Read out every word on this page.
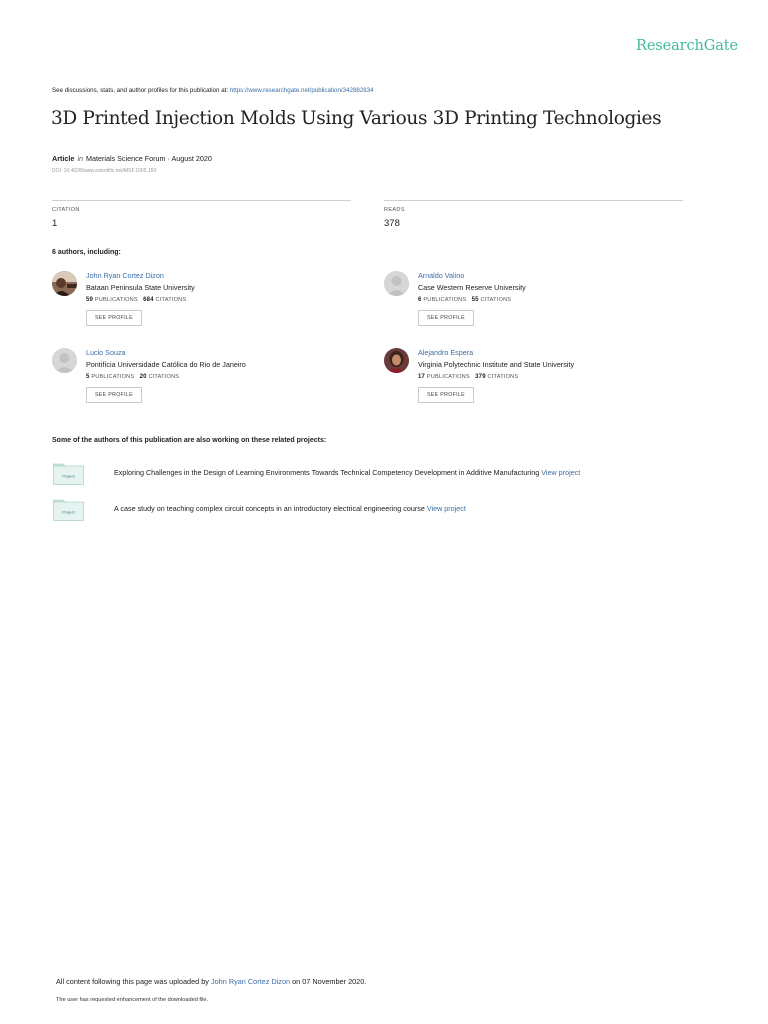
ResearchGate
See discussions, stats, and author profiles for this publication at: https://www.researchgate.net/publication/342882834
3D Printed Injection Molds Using Various 3D Printing Technologies
Article in Materials Science Forum · August 2020
DOI: 10.4028/www.scientific.net/MSF.1005.150
CITATION
1
READS
378
6 authors, including:
John Ryan Cortez Dizon
Bataan Peninsula State University
59 PUBLICATIONS 684 CITATIONS
SEE PROFILE
Arnaldo Valino
Case Western Reserve University
6 PUBLICATIONS 55 CITATIONS
SEE PROFILE
Lucio Souza
Pontifícia Universidade Católica do Rio de Janeiro
5 PUBLICATIONS 20 CITATIONS
SEE PROFILE
Alejandro Espera
Virginia Polytechnic Institute and State University
17 PUBLICATIONS 379 CITATIONS
SEE PROFILE
Some of the authors of this publication are also working on these related projects:
Project	Exploring Challenges in the Design of Learning Environments Towards Technical Competency Development in Additive Manufacturing View project
Project	A case study on teaching complex circuit concepts in an introductory electrical engineering course View project
All content following this page was uploaded by John Ryan Cortez Dizon on 07 November 2020.
The user has requested enhancement of the downloaded file.
